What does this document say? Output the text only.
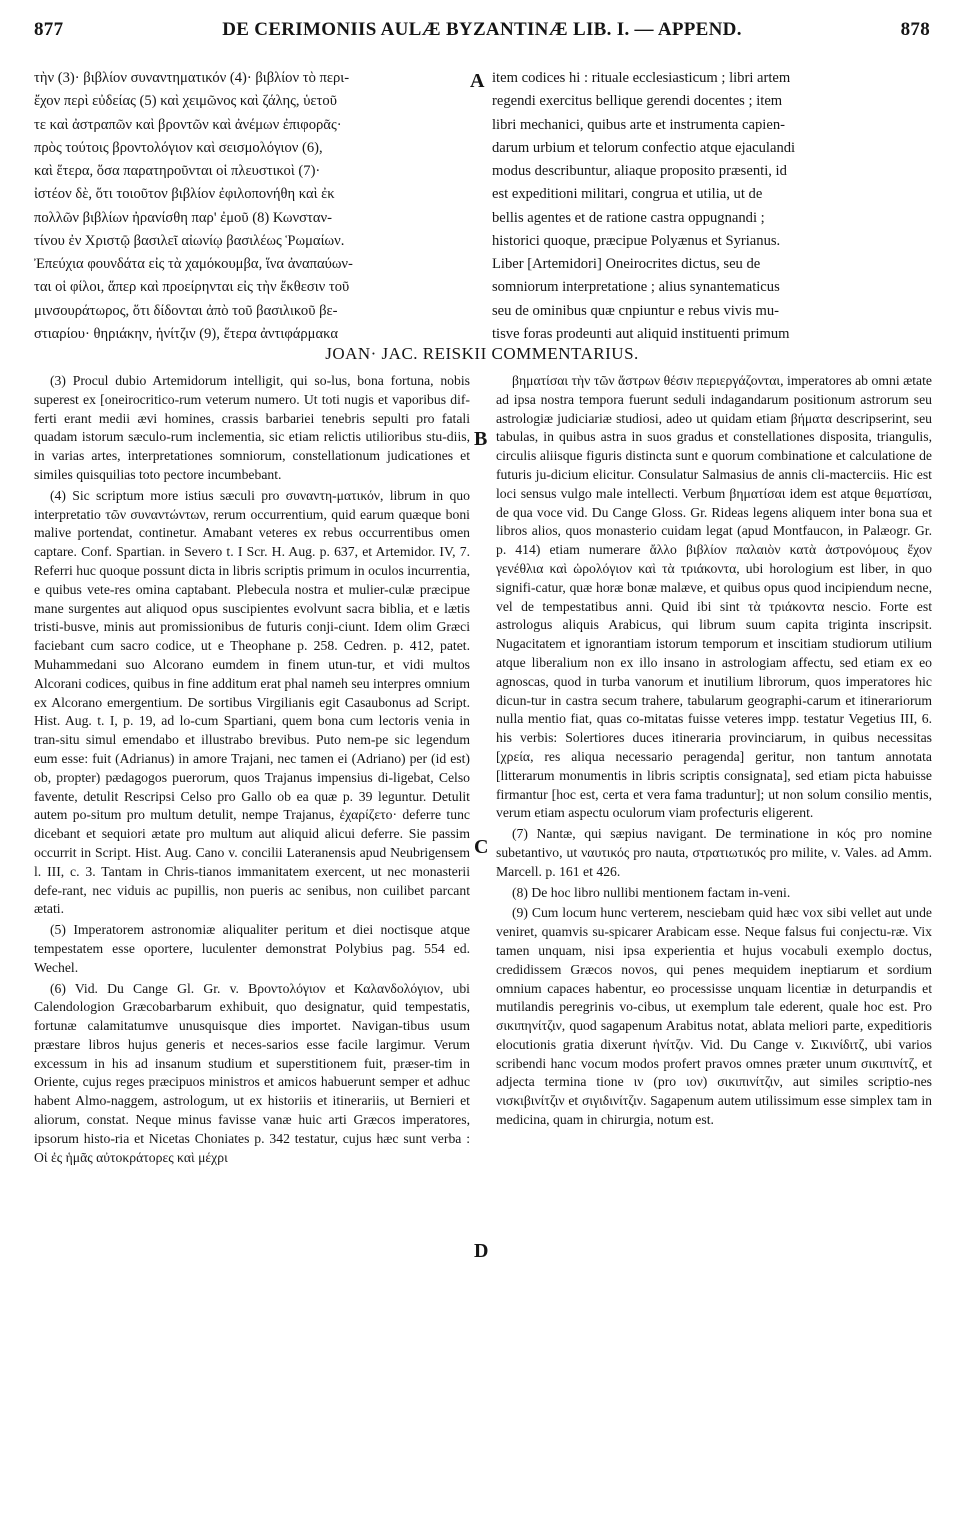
877	DE CERIMONIIS AULÆ BYZANTINÆ LIB. I. — APPEND.	878
τὴν (3)· βιβλίον συναντηματικόν (4)· βιβλίον τὸ περι-
ἔχον περὶ εὐδείας (5) καὶ χειμῶνος καὶ ζάλης, ὑετοῦ
τε καὶ ἀστραπῶν καὶ βροντῶν καὶ ἀνέμων ἐπιφορᾶς·
πρὸς τούτοις βροντολόγιον καὶ σεισμολόγιον (6),
καὶ ἕτερα, ὅσα παρατηροῦνται οἱ πλευστικοὶ (7)·
ἰστέον δὲ, ὅτι τοιοῦτον βιβλίον ἐφιλοπονήθη καὶ ἐκ
πολλῶν βιβλίων ἠρανίσθη παρ' ἐμοῦ (8) Κωνσταν-
τίνου ἐν Χριστῷ βασιλεῖ αἰωνίῳ βασιλέως Ῥωμαίων.
Ἐπεύχια φουνδάτα εἰς τὰ χαμόκουμβα, ἵνα ἀναπαύων-
ται οἱ φίλοι, ἅπερ καὶ προείρηνται εἰς τὴν ἔκθεσιν τοῦ
μινσουράτωρος, ὅτι δίδονται ἀπὸ τοῦ βασιλικοῦ βε-
στιαρίου· θηριάκην, ἡνίτζιν (9), ἕτερα ἀντιφάρμακα
item codices hi : rituale ecclesiasticum ; libri artem
regendi exercitus bellique gerendi docentes ; item
libri mechanici, quibus arte et instrumenta capien-
darum urbium et telorum confectio atque ejaculandi
modus describuntur, aliaque proposito præsenti, id
est expeditioni militari, congrua et utilia, ut de
bellis agentes et de ratione castra oppugnandi ;
historici quoque, præcipue Polyænus et Syrianus.
Liber [Artemidori] Oneirocrites dictus, seu de
somniorum interpretatione ; alius synantematicus
seu de ominibus quæ cnpiuntur e rebus vivis mu-
tisve foras prodeunti aut aliquid instituenti primum
A
B
C
D
JOAN· JAC. REISKII COMMENTARIUS.

(3) Procul dubio Artemidorum intelligit, qui so-lus, bona fortuna, nobis superest ex [oneirocritico-rum veterum numero. Ut toti nugis et vaporibus dif-ferti erant medii ævi homines, crassis barbariei tenebris sepulti pro fatali quadam istorum sæculo-rum inclementia, sic etiam relictis utilioribus stu-diis, in varias artes, interpretationes somniorum, constellationum judicationes et similes quisquilias toto pectore incumbebant.

(4) Sic scriptum more istius sæculi pro συναντη-ματικόν, librum in quo interpretatio τῶν συναντώντων, rerum occurrentium, quid earum quæque boni malive portendat, continetur. Amabant veteres ex rebus occurrentibus omen captare. Conf. Spartian. in Severo t. I Scr. H. Aug. p. 637, et Artemidor. IV, 7. Referri huc quoque possunt dicta in libris scriptis primum in oculos incurrentia, e quibus vete-res omina captabant. Plebecula nostra et mulier-culæ præcipue mane surgentes aut aliquod opus suscipientes evolvunt sacra biblia, et e lætis tristi-busve, minis aut promissionibus de futuris conji-ciunt. Idem olim Græci faciebant cum sacro codice, ut e Theophane p. 258. Cedren. p. 412, patet. Muhammedani suo Alcorano eumdem in finem utun-tur, et vidi multos Alcorani codices, quibus in fine additum erat phal nameh seu interpres omnium ex Alcorano emergentium. De sortibus Virgilianis egit Casaubonus ad Script. Hist. Aug. t. I, p. 19, ad lo-cum Spartiani, quem bona cum lectoris venia in tran-situ simul emendabo et illustrabo brevibus. Puto nem-pe sic legendum eum esse: fuit (Adrianus) in amore Trajani, nec tamen ei (Adriano) per (id est) ob, propter) pædagogos puerorum, quos Trajanus impensius di-ligebat, Celso favente, detulit Rescripsi Celso pro Gallo ob ea quæ p. 39 leguntur. Detulit autem po-situm pro multum detulit, nempe Trajanus, ἐχαρίζετο· deferre tunc dicebant et sequiori ætate pro multum aut aliquid alicui deferre. Sie passim occurrit in Script. Hist. Aug. Cano v. concilii Lateranensis apud Neubrigensem l. III, c. 3. Tantam in Chris-tianos immanitatem exercent, ut nec monasterii defe-rant, nec viduis ac pupillis, non pueris ac senibus, non cuilibet parcant ætati.

(5) Imperatorem astronomiæ aliqualiter peritum et diei noctisque atque tempestatem esse oportere, luculenter demonstrat Polybius pag. 554 ed. Wechel.

(6) Vid. Du Cange Gl. Gr. v. Βροντολόγιον et Καλανδολόγιον, ubi Calendologion Græcobarbarum exhibuit, quo designatur, quid tempestatis, fortunæ calamitatumve unusquisque dies importet. Navigan-tibus usum præstare libros hujus generis et neces-sarios esse facile largimur. Verum excessum in his ad insanum studium et superstitionem fuit, præser-tim in Oriente, cujus reges præcipuos ministros et amicos habuerunt semper et adhuc habent Almo-naggem, astrologum, ut ex historiis et itinerariis, ut Bernieri et aliorum, constat. Neque minus favisse vanæ huic arti Græcos imperatores, ipsorum histo-ria et Nicetas Choniates p. 342 testatur, cujus hæc sunt verba : Οἱ ἐς ἡμᾶς αὐτοκράτορες καὶ μέχρι

βηματίσαι τὴν τῶν ἄστρων θέσιν περιεργάζονται, imperatores ab omni ætate ad ipsa nostra tempora fuerunt seduli indagandarum positionum astrorum seu astrologiæ judiciariæ studiosi, adeo ut quidam etiam βήματα descripserint, seu tabulas, in quibus astra in suos gradus et constellationes disposita, triangulis, circulis aliisque figuris distincta sunt e quorum combinatione et calculatione de futuris ju-dicium elicitur. Consulatur Salmasius de annis cli-macterciis. Hic est loci sensus vulgo male intellecti. Verbum βηματίσαι idem est atque θεματίσαι, de qua voce vid. Du Cange Gloss. Gr. Rideas legens aliquem inter bona sua et libros alios, quos monasterio cuidam legat (apud Montfaucon, in Palæogr. Gr. p. 414) etiam numerare ἄλλο βιβλίον παλαιὸν κατὰ ἀστρονόμους ἔχον γενέθλια καὶ ὡρολόγιον καὶ τὰ τριάκοντα, ubi horologium est liber, in quo signifi-catur, quæ horæ bonæ malæve, et quibus opus quod incipiendum necne, vel de tempestatibus anni. Quid ibi sint τὰ τριάκοντα nescio. Forte est astrologus aliquis Arabicus, qui librum suum capita triginta inscripsit. Nugacitatem et ignorantiam istorum temporum et inscitiam studiorum utilium atque liberalium non ex illo insano in astrologiam affectu, sed etiam ex eo agnoscas, quod in turba vanorum et inutilium librorum, quos imperatores hic dicun-tur in castra secum trahere, tabularum geographi-carum et itinerariorum nulla mentio fiat, quas co-mitatas fuisse veteres impp. testatur Vegetius III, 6. his verbis: Solertiores duces itineraria provinciarum, in quibus necessitas [χρεία, res aliqua necessario peragenda] geritur, non tantum annotata [litterarum monumentis in libris scriptis consignata], sed etiam picta habuisse firmantur [hoc est, certa et vera fama traduntur]; ut non solum consilio mentis, verum etiam aspectu oculorum viam profecturis eligerent.

(7) Nantæ, qui sæpius navigant. De terminatione in κός pro nomine subetantivo, ut ναυτικός pro nauta, στρατιωτικός pro milite, v. Vales. ad Amm. Marcell. p. 161 et 426.

(8) De hoc libro nullibi mentionem factam in-veni.

(9) Cum locum hunc verterem, nesciebam quid hæc vox sibi vellet aut unde veniret, quamvis su-spicarer Arabicam esse. Neque falsus fui conjectu-ræ. Vix tamen unquam, nisi ipsa experientia et hujus vocabuli exemplo doctus, credidissem Græcos novos, qui penes mequidem ineptiarum et sordium omnium capaces habentur, eo processisse unquam licentiæ in deturpandis et mutilandis peregrinis vo-cibus, ut exemplum tale ederent, quale hoc est. Pro σικιπηνίτζιν, quod sagapenum Arabitus notat, ablata meliori parte, expeditioris elocutionis gratia dixerunt ἡνίτζιν. Vid. Du Cange v. Σικινίδιτζ, ubi varios scribendi hanc vocum modos profert pravos omnes præter unum σικιπινίτζ, et adjecta termina tione ιν (pro ιον) σικιπινίτζιν, aut similes scriptio-nes νισκιβινίτζιν et σιγιδινίτζιν. Sagapenum autem utilissimum esse simplex tam in medicina, quam in chirurgia, notum est.
